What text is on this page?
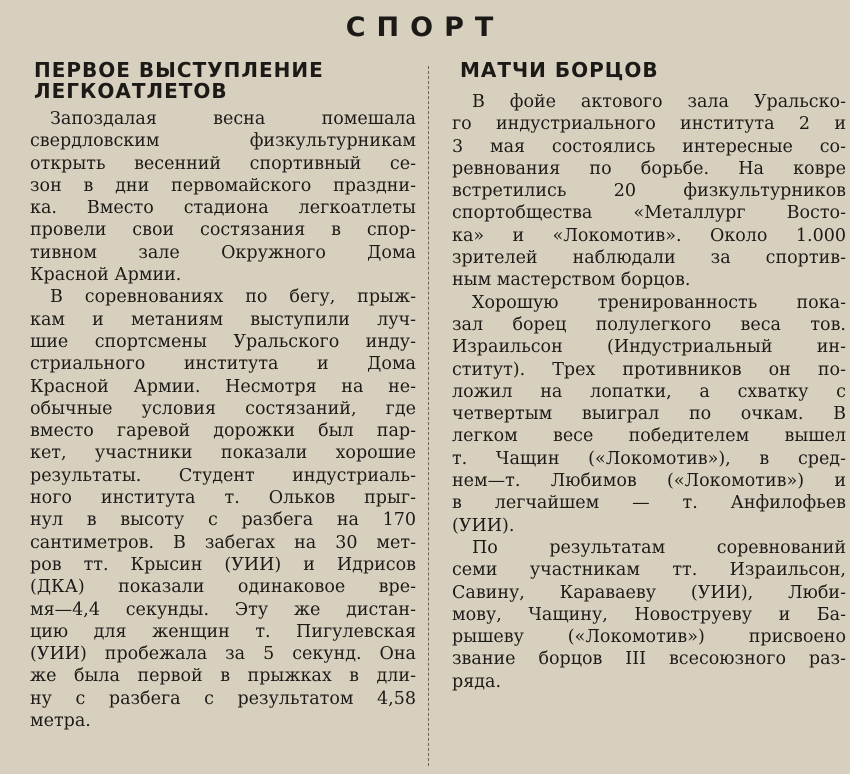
СПОРТ
ПЕРВОЕ ВЫСТУПЛЕНИЕ
ЛЕГКОАТЛЕТОВ

Запоздалая весна помешала
свердловским физкультурникам
открыть весенний спортивный се-
зон в дни первомайского праздни-
ка. Вместо стадиона легкоатлеты
провели свои состязания в спор-
тивном зале Окружного Дома
Красной Армии.

В соревнованиях по бегу, прыж-
кам и метаниям выступили луч-
шие спортсмены Уральского инду-
стриального института и Дома
Красной Армии. Несмотря на не-
обычные условия состязаний, где
вместо гаревой дорожки был пар-
кет, участники показали хорошие
результаты. Студент индустриаль-
ного института т. Ольков прыг-
нул в высоту с разбега на 170
сантиметров. В забегах на 30 мет-
ров тт. Крысин (УИИ) и Идрисов
(ДКА) показали одинаковое вре-
мя—4,4 секунды. Эту же дистан-
цию для женщин т. Пигулевская
(УИИ) пробежала за 5 секунд. Она
же была первой в прыжках в дли-
ну с разбега с результатом 4,58
метра.

МАТЧИ БОРЦОВ

В фойе актового зала Уральско-
го индустриального института 2 и
3 мая состоялись интересные со-
ревнования по борьбе. На ковре
встретились 20 физкультурников
спортобщества «Металлург Восто-
ка» и «Локомотив». Около 1.000
зрителей наблюдали за спортив-
ным мастерством борцов.

Хорошую тренированность пока-
зал борец полулегкого веса тов.
Израильсон (Индустриальный ин-
ститут). Трех противников он по-
ложил на лопатки, а схватку с
четвертым выиграл по очкам. В
легком весе победителем вышел
т. Чащин («Локомотив»), в сред-
нем—т. Любимов («Локомотив») и
в легчайшем — т. Анфилофьев
(УИИ).

По результатам соревнований
семи участникам тт. Израильсон,
Савину, Караваеву (УИИ), Люби-
мову, Чащину, Новоструеву и Ба-
рышеву («Локомотив») присвоено
звание борцов III всесоюзного раз-
ряда.
